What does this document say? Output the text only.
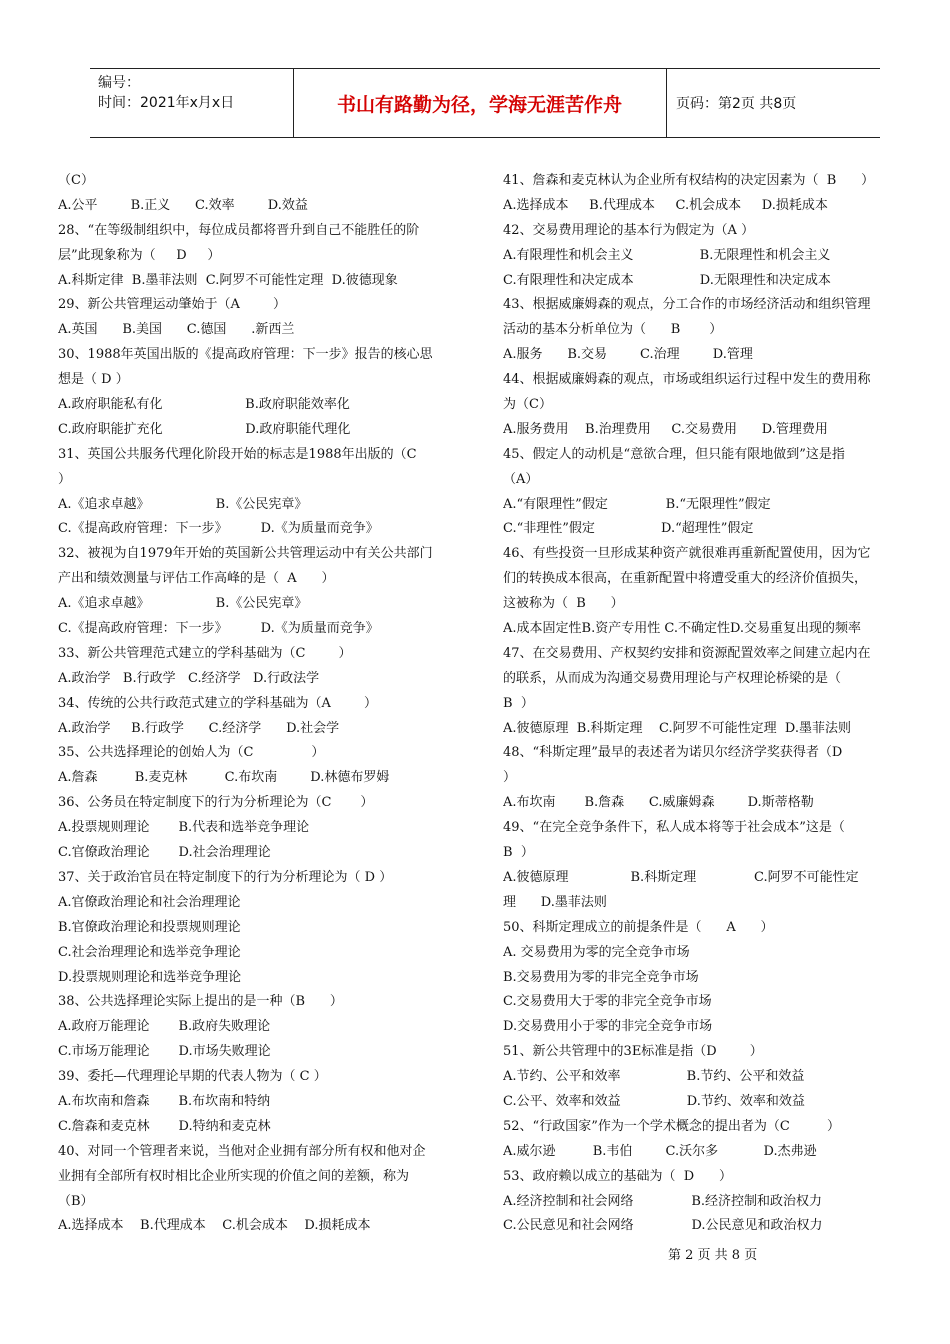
编号：
时间：2021年x月x日	书山有路勤为径，学海无涯苦作舟	页码：第2页 共8页
（C）
A.公平        B.正义      C.效率        D.效益
28、“在等级制组织中，每位成员都将晋升到自己不能胜任的阶
层”此现象称为（     D     ）
A.科斯定律  B.墨菲法则  C.阿罗不可能性定理  D.彼德现象
29、新公共管理运动肇始于（A        ）
A.英国      B.美国      C.德国      .新西兰
30、1988年英国出版的《提高政府管理：下一步》报告的核心思
想是（ D ）
A.政府职能私有化                    B.政府职能效率化
C.政府职能扩充化                    D.政府职能代理化
31、英国公共服务代理化阶段开始的标志是1988年出版的（C
）
A.《追求卓越》                B.《公民宪章》
C.《提高政府管理：下一步》        D.《为质量而竞争》
32、被视为自1979年开始的英国新公共管理运动中有关公共部门
产出和绩效测量与评估工作高峰的是（  A      ）
A.《追求卓越》                B.《公民宪章》
C.《提高政府管理：下一步》        D.《为质量而竞争》
33、新公共管理范式建立的学科基础为（C        ）
A.政治学   B.行政学   C.经济学   D.行政法学
34、传统的公共行政范式建立的学科基础为（A        ）
A.政治学     B.行政学      C.经济学      D.社会学
35、公共选择理论的创始人为（C              ）
A.詹森         B.麦克林         C.布坎南        D.林德布罗姆
36、公务员在特定制度下的行为分析理论为（C       ）
A.投票规则理论       B.代表和选举竞争理论
C.官僚政治理论       D.社会治理理论
37、关于政治官员在特定制度下的行为分析理论为（ D ）
A.官僚政治理论和社会治理理论
B.官僚政治理论和投票规则理论
C.社会治理理论和选举竞争理论
D.投票规则理论和选举竞争理论
38、公共选择理论实际上提出的是一种（B      ）
A.政府万能理论       B.政府失败理论
C.市场万能理论       D.市场失败理论
39、委托—代理理论早期的代表人物为（ C ）
A.布坎南和詹森       B.布坎南和特纳
C.詹森和麦克林       D.特纳和麦克林
40、对同一个管理者来说，当他对企业拥有部分所有权和他对企
业拥有全部所有权时相比企业所实现的价值之间的差额，称为
（B）
A.选择成本    B.代理成本    C.机会成本    D.损耗成本
41、詹森和麦克林认为企业所有权结构的决定因素为（  B      ）
A.选择成本     B.代理成本     C.机会成本     D.损耗成本
42、交易费用理论的基本行为假定为（A ）
A.有限理性和机会主义                B.无限理性和机会主义
C.有限理性和决定成本                D.无限理性和决定成本
43、根据威廉姆森的观点，分工合作的市场经济活动和组织管理
活动的基本分析单位为（      B       ）
A.服务      B.交易        C.治理        D.管理
44、根据威廉姆森的观点，市场或组织运行过程中发生的费用称
为（C）
A.服务费用    B.治理费用     C.交易费用      D.管理费用
45、假定人的动机是“意欲合理，但只能有限地做到”这是指
（A）
A.“有限理性”假定              B.“无限理性”假定
C.“非理性”假定                D.“超理性”假定
46、有些投资一旦形成某种资产就很难再重新配置使用，因为它
们的转换成本很高，在重新配置中将遭受重大的经济价值损失，
这被称为（  B      ）
A.成本固定性B.资产专用性 C.不确定性D.交易重复出现的频率
47、在交易费用、产权契约安排和资源配置效率之间建立起内在
的联系，从而成为沟通交易费用理论与产权理论桥梁的是（
B  ）
A.彼德原理  B.科斯定理    C.阿罗不可能性定理  D.墨菲法则
48、“科斯定理”最早的表述者为诺贝尔经济学奖获得者（D
）
A.布坎南       B.詹森      C.威廉姆森        D.斯蒂格勒
49、“在完全竞争条件下，私人成本将等于社会成本”这是（
B  ）
A.彼德原理               B.科斯定理              C.阿罗不可能性定
理      D.墨菲法则
50、科斯定理成立的前提条件是（      A      ）
A. 交易费用为零的完全竞争市场
B.交易费用为零的非完全竞争市场
C.交易费用大于零的非完全竞争市场
D.交易费用小于零的非完全竞争市场
51、新公共管理中的3E标准是指（D        ）
A.节约、公平和效率                B.节约、公平和效益
C.公平、效率和效益                D.节约、效率和效益
52、“行政国家”作为一个学术概念的提出者为（C         ）
A.威尔逊         B.韦伯        C.沃尔多           D.杰弗逊
53、政府赖以成立的基础为（  D      ）
A.经济控制和社会网络              B.经济控制和政治权力
C.公民意见和社会网络              D.公民意见和政治权力
第 2 页 共 8 页
